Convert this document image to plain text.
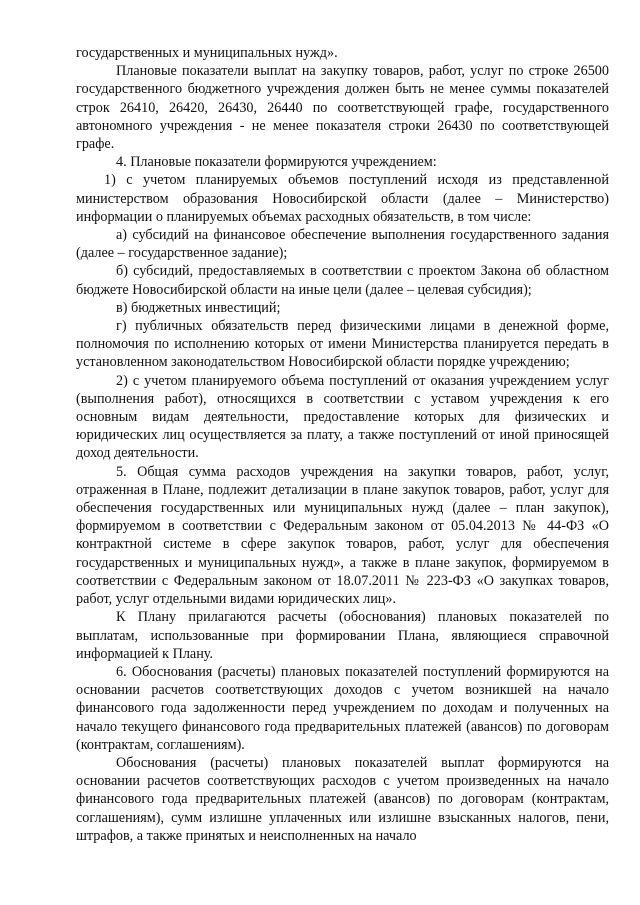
государственных и муниципальных нужд».

Плановые показатели выплат на закупку товаров, работ, услуг по строке 26500 государственного бюджетного учреждения должен быть не менее суммы показателей строк 26410, 26420, 26430, 26440 по соответствующей графе, государственного автономного учреждения - не менее показателя строки 26430 по соответствующей графе.

4. Плановые показатели формируются учреждением:

1) с учетом планируемых объемов поступлений исходя из представленной министерством образования Новосибирской области (далее – Министерство) информации о планируемых объемах расходных обязательств, в том числе:

а) субсидий на финансовое обеспечение выполнения государственного задания (далее – государственное задание);

б) субсидий, предоставляемых в соответствии с проектом Закона об областном бюджете Новосибирской области на иные цели (далее – целевая субсидия);

в) бюджетных инвестиций;

г) публичных обязательств перед физическими лицами в денежной форме, полномочия по исполнению которых от имени Министерства планируется передать в установленном законодательством Новосибирской области порядке учреждению;

2) с учетом планируемого объема поступлений от оказания учреждением услуг (выполнения работ), относящихся в соответствии с уставом учреждения к его основным видам деятельности, предоставление которых для физических и юридических лиц осуществляется за плату, а также поступлений от иной приносящей доход деятельности.

5. Общая сумма расходов учреждения на закупки товаров, работ, услуг, отраженная в Плане, подлежит детализации в плане закупок товаров, работ, услуг для обеспечения государственных или муниципальных нужд (далее – план закупок), формируемом в соответствии с Федеральным законом от 05.04.2013 № 44-ФЗ «О контрактной системе в сфере закупок товаров, работ, услуг для обеспечения государственных и муниципальных нужд», а также в плане закупок, формируемом в соответствии с Федеральным законом от 18.07.2011 № 223-ФЗ «О закупках товаров, работ, услуг отдельными видами юридических лиц».

К Плану прилагаются расчеты (обоснования) плановых показателей по выплатам, использованные при формировании Плана, являющиеся справочной информацией к Плану.

6. Обоснования (расчеты) плановых показателей поступлений формируются на основании расчетов соответствующих доходов с учетом возникшей на начало финансового года задолженности перед учреждением по доходам и полученных на начало текущего финансового года предварительных платежей (авансов) по договорам (контрактам, соглашениям).

Обоснования (расчеты) плановых показателей выплат формируются на основании расчетов соответствующих расходов с учетом произведенных на начало финансового года предварительных платежей (авансов) по договорам (контрактам, соглашениям), сумм излишне уплаченных или излишне взысканных налогов, пени, штрафов, а также принятых и неисполненных на начало
